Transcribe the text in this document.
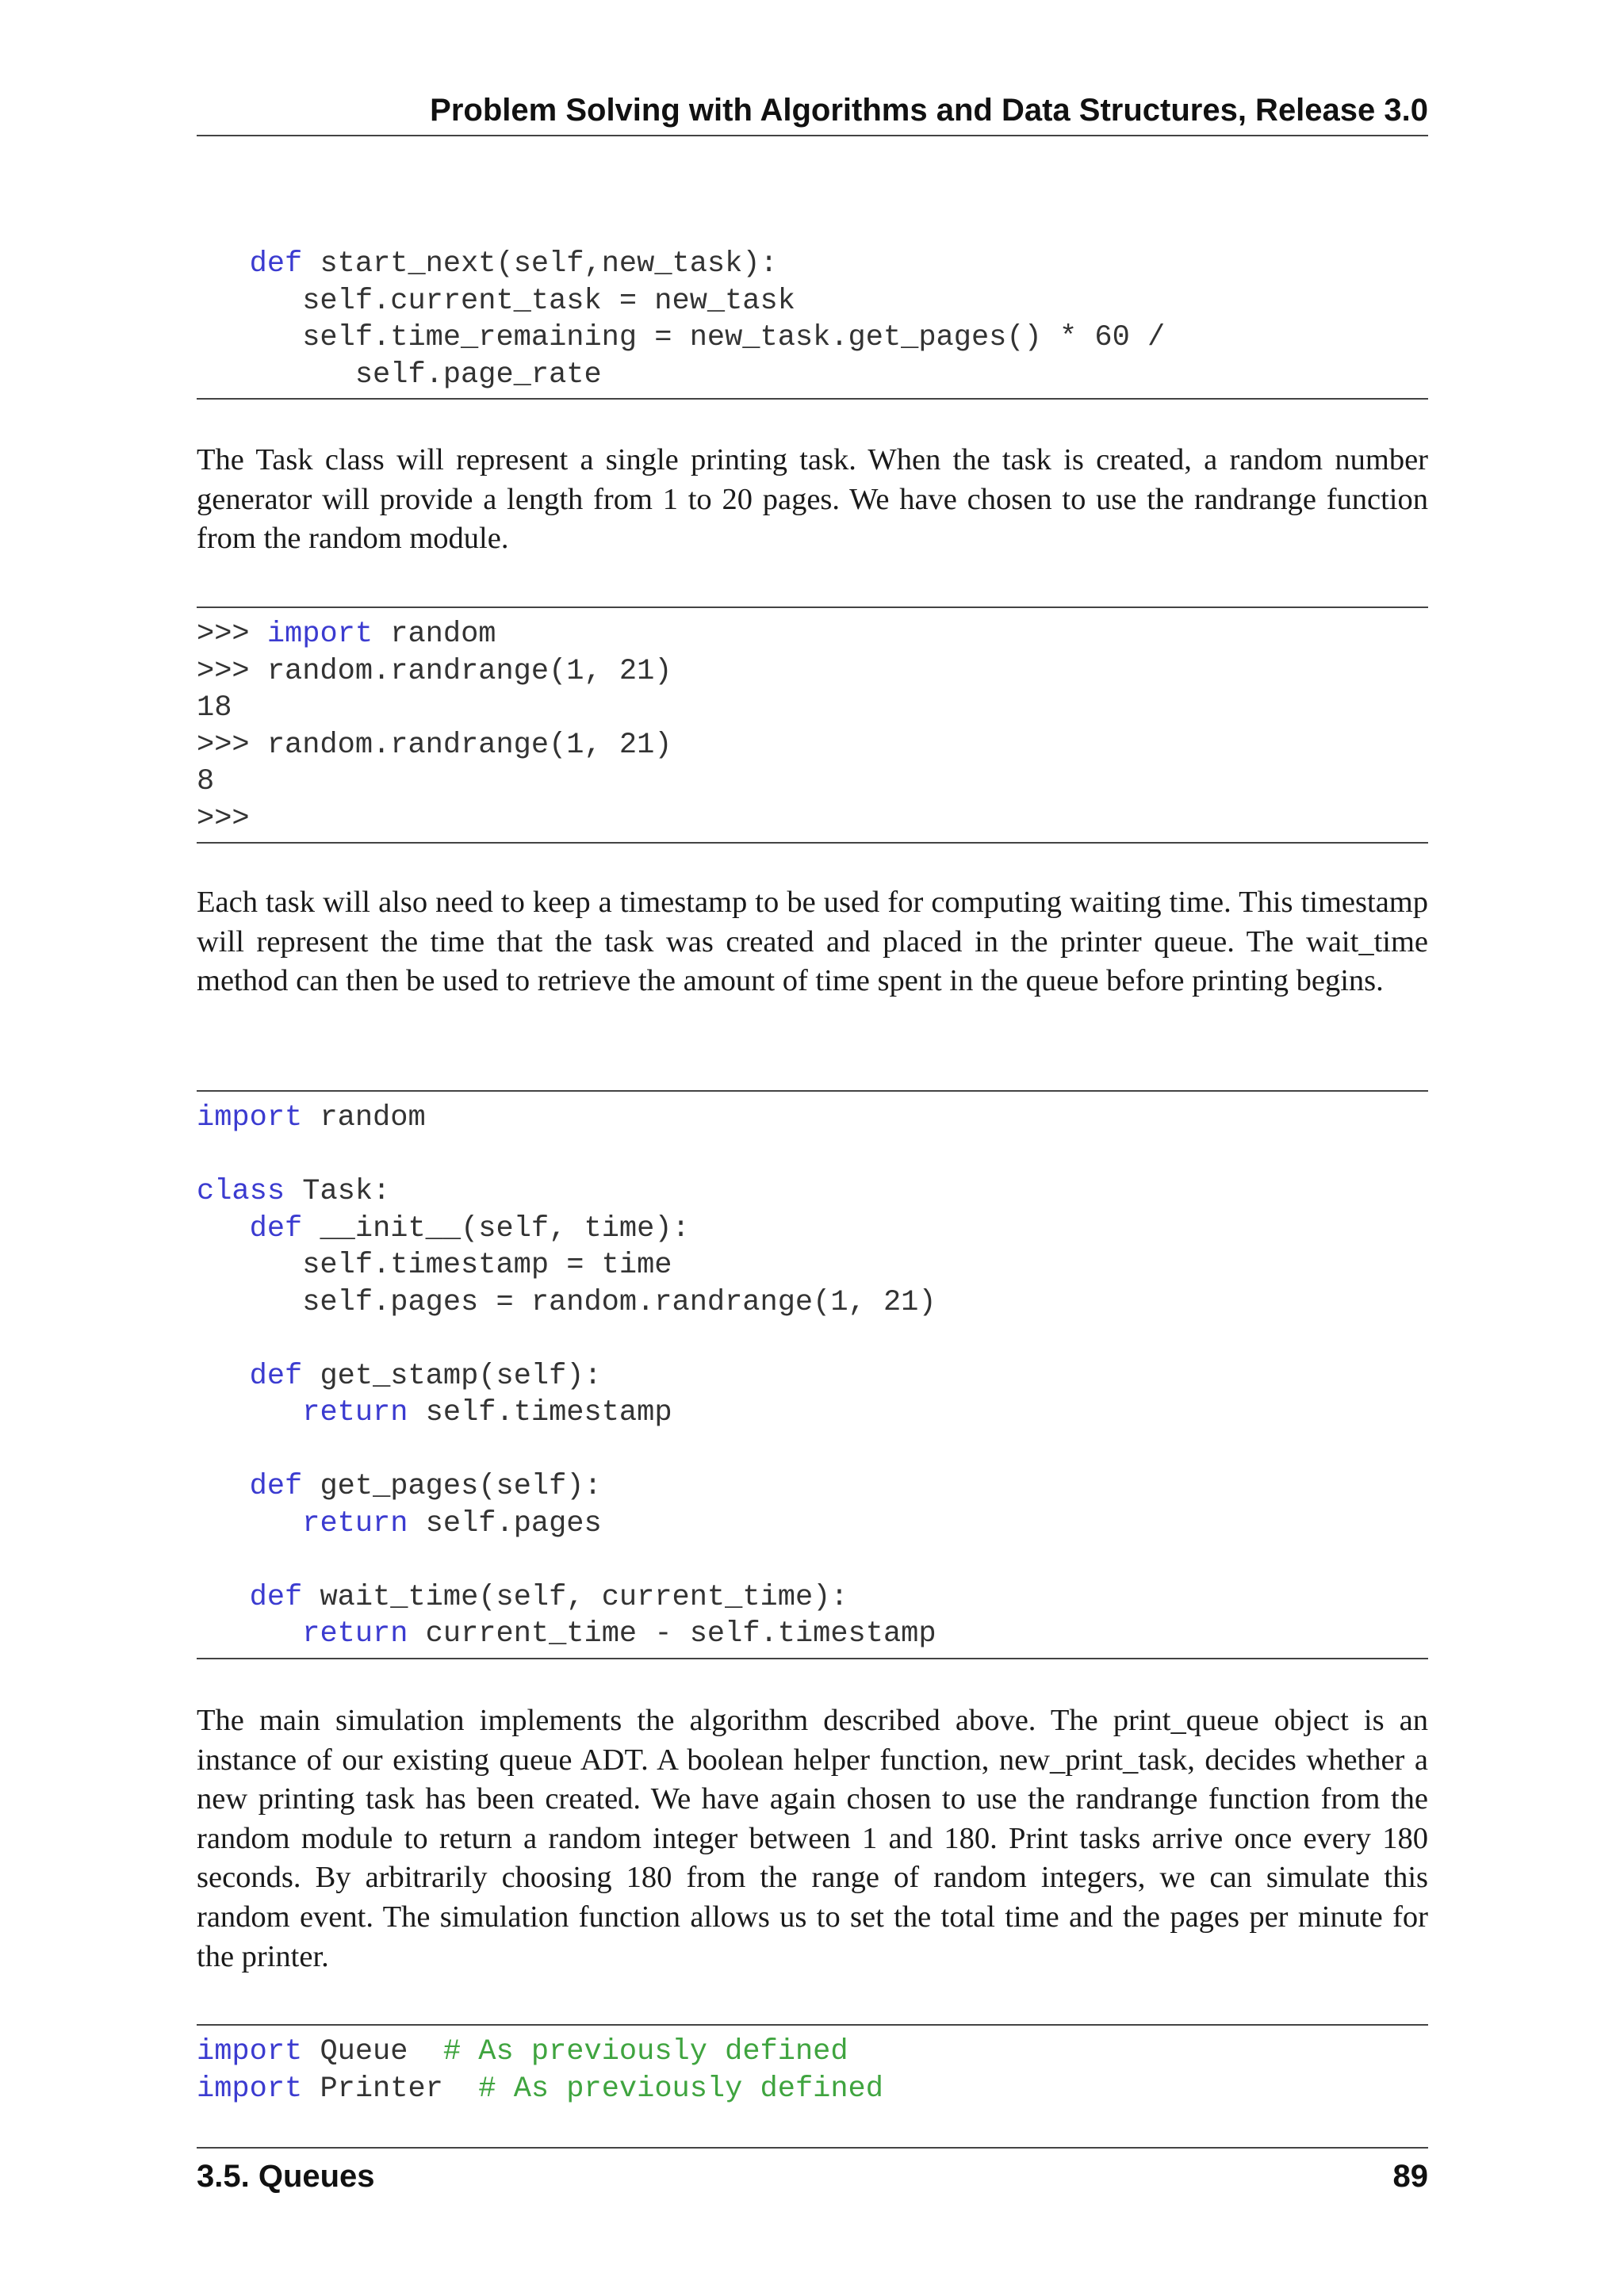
Problem Solving with Algorithms and Data Structures, Release 3.0
def start_next(self,new_task):
self.current_task = new_task
self.time_remaining = new_task.get_pages() * 60 /
self.page_rate

The Task class will represent a single printing task. When the task is created, a random number generator will provide a length from 1 to 20 pages. We have chosen to use the randrange function from the random module.

>>> import random
>>> random.randrange(1, 21)
18
>>> random.randrange(1, 21)
8
>>>

Each task will also need to keep a timestamp to be used for computing waiting time. This timestamp will represent the time that the task was created and placed in the printer queue. The wait_time method can then be used to retrieve the amount of time spent in the queue before printing begins.

import random
class Task:
def __init__(self, time):
self.timestamp = time
self.pages = random.randrange(1, 21)
def get_stamp(self):
return self.timestamp
def get_pages(self):
return self.pages
def wait_time(self, current_time):
return current_time - self.timestamp

The main simulation implements the algorithm described above. The print_queue object is an instance of our existing queue ADT. A boolean helper function, new_print_task, decides whether a new printing task has been created. We have again chosen to use the randrange function from the random module to return a random integer between 1 and 180. Print tasks arrive once every 180 seconds. By arbitrarily choosing 180 from the range of random integers, we can simulate this random event. The simulation function allows us to set the total time and the pages per minute for the printer.

import Queue  # As previously defined
import Printer  # As previously defined
3.5. Queues	89
